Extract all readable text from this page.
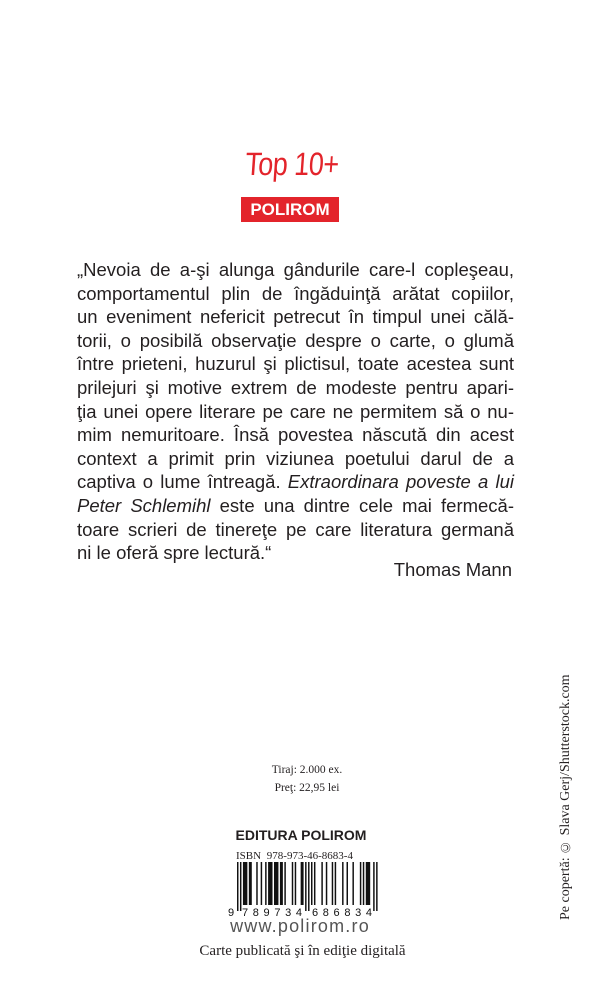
Top 10+
POLIROM
„Nevoia de a-şi alunga gândurile care-l copleşeau,
comportamentul plin de îngăduinţă arătat copiilor,
un eveniment nefericit petrecut în timpul unei călă-
torii, o posibilă observaţie despre o carte, o glumă
între prieteni, huzurul şi plictisul, toate acestea sunt
prilejuri şi motive extrem de modeste pentru apari-
ţia unei opere literare pe care ne permitem să o nu-
mim nemuritoare. Însă povestea născută din acest
context a primit prin viziunea poetului darul de a
captiva o lume întreagă. Extraordinara poveste a lui
Peter Schlemihl este una dintre cele mai fermecă-
toare scrieri de tinereţe pe care literatura germană
ni le oferă spre lectură.“
Thomas Mann
Tiraj: 2.000 ex.
Preţ: 22,95 lei
EDITURA POLIROM
ISBN 978-973-46-8683-4
9 789734 686834
www.polirom.ro
Carte publicată şi în ediţie digitală
Pe copertă: © Slava Gerj/Shutterstock.com
